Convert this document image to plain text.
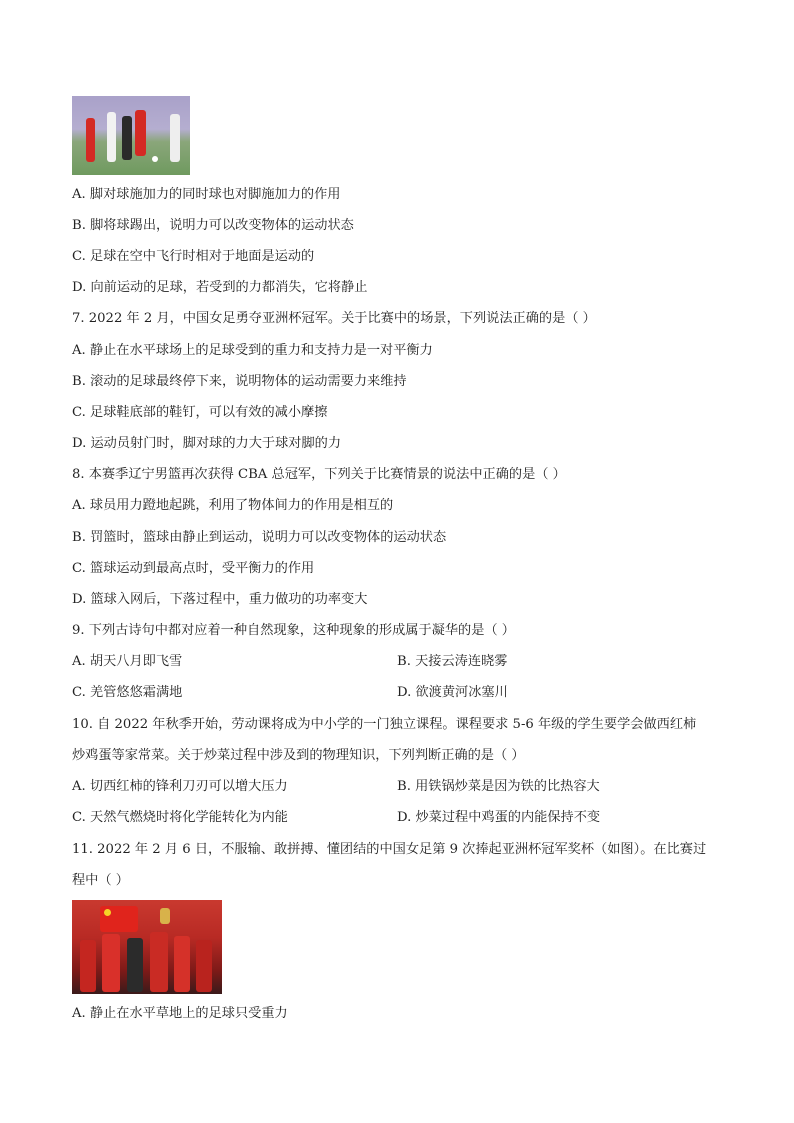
A. 脚对球施加力的同时球也对脚施加力的作用
B. 脚将球踢出，说明力可以改变物体的运动状态
C. 足球在空中飞行时相对于地面是运动的
D. 向前运动的足球，若受到的力都消失，它将静止
7. 2022 年 2 月，中国女足勇夺亚洲杯冠军。关于比赛中的场景，下列说法正确的是（ ）
A. 静止在水平球场上的足球受到的重力和支持力是一对平衡力
B. 滚动的足球最终停下来，说明物体的运动需要力来维持
C. 足球鞋底部的鞋钉，可以有效的减小摩擦
D. 运动员射门时，脚对球的力大于球对脚的力
8. 本赛季辽宁男篮再次获得 CBA 总冠军，下列关于比赛情景的说法中正确的是（ ）
A. 球员用力蹬地起跳，利用了物体间力的作用是相互的
B. 罚篮时，篮球由静止到运动，说明力可以改变物体的运动状态
C. 篮球运动到最高点时，受平衡力的作用
D. 篮球入网后，下落过程中，重力做功的功率变大
9. 下列古诗句中都对应着一种自然现象，这种现象的形成属于凝华的是（ ）
A. 胡天八月即飞雪	B. 天接云涛连晓雾
C. 羌管悠悠霜满地	D. 欲渡黄河冰塞川
10. 自 2022 年秋季开始，劳动课将成为中小学的一门独立课程。课程要求 5-6 年级的学生要学会做西红柿
炒鸡蛋等家常菜。关于炒菜过程中涉及到的物理知识，下列判断正确的是（ ）
A. 切西红柿的锋利刀刃可以增大压力	B. 用铁锅炒菜是因为铁的比热容大
C. 天然气燃烧时将化学能转化为内能	D. 炒菜过程中鸡蛋的内能保持不变
11. 2022 年 2 月 6 日，不服输、敢拼搏、懂团结的中国女足第 9 次捧起亚洲杯冠军奖杯（如图）。在比赛过
程中（ ）
A. 静止在水平草地上的足球只受重力
